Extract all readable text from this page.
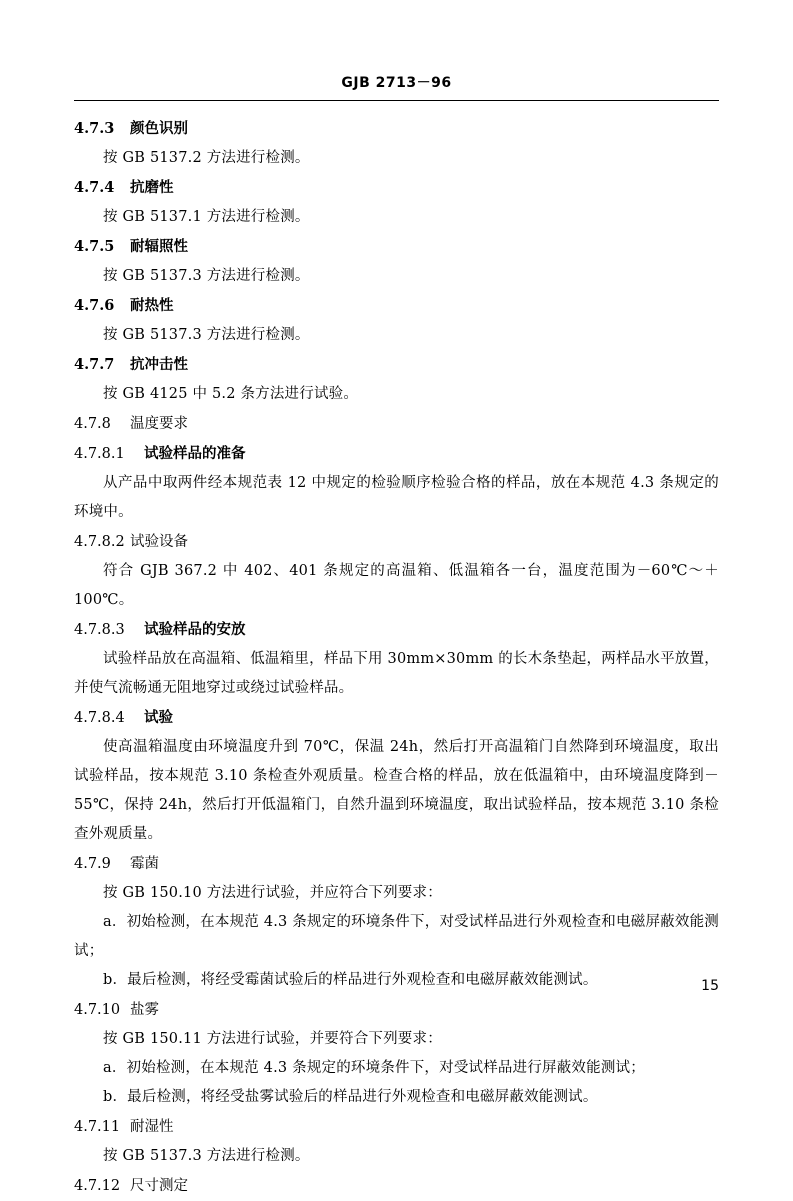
GJB 2713－96

4.7.3 颜色识别

按 GB 5137.2 方法进行检测。

4.7.4 抗磨性

按 GB 5137.1 方法进行检测。

4.7.5 耐辐照性

按 GB 5137.3 方法进行检测。

4.7.6 耐热性

按 GB 5137.3 方法进行检测。

4.7.7 抗冲击性

按 GB 4125 中 5.2 条方法进行试验。

4.7.8 温度要求

4.7.8.1 试验样品的准备

从产品中取两件经本规范表 12 中规定的检验顺序检验合格的样品，放在本规范 4.3 条规定的环境中。

4.7.8.2 试验设备

符合 GJB 367.2 中 402、401 条规定的高温箱、低温箱各一台，温度范围为－60℃～＋100℃。

4.7.8.3 试验样品的安放

试验样品放在高温箱、低温箱里，样品下用 30mm×30mm 的长木条垫起，两样品水平放置，并使气流畅通无阻地穿过或绕过试验样品。

4.7.8.4 试验

使高温箱温度由环境温度升到 70℃，保温 24h，然后打开高温箱门自然降到环境温度，取出试验样品，按本规范 3.10 条检查外观质量。检查合格的样品，放在低温箱中，由环境温度降到－55℃，保持 24h，然后打开低温箱门，自然升温到环境温度，取出试验样品，按本规范 3.10 条检查外观质量。

4.7.9 霉菌

按 GB 150.10 方法进行试验，并应符合下列要求：

a．初始检测，在本规范 4.3 条规定的环境条件下，对受试样品进行外观检查和电磁屏蔽效能测试；

b．最后检测，将经受霉菌试验后的样品进行外观检查和电磁屏蔽效能测试。

4.7.10 盐雾

按 GB 150.11 方法进行试验，并要符合下列要求：

a．初始检测，在本规范 4.3 条规定的环境条件下，对受试样品进行屏蔽效能测试；

b．最后检测，将经受盐雾试验后的样品进行外观检查和电磁屏蔽效能测试。

4.7.11 耐湿性

按 GB 5137.3 方法进行检测。

4.7.12 尺寸测定

15
